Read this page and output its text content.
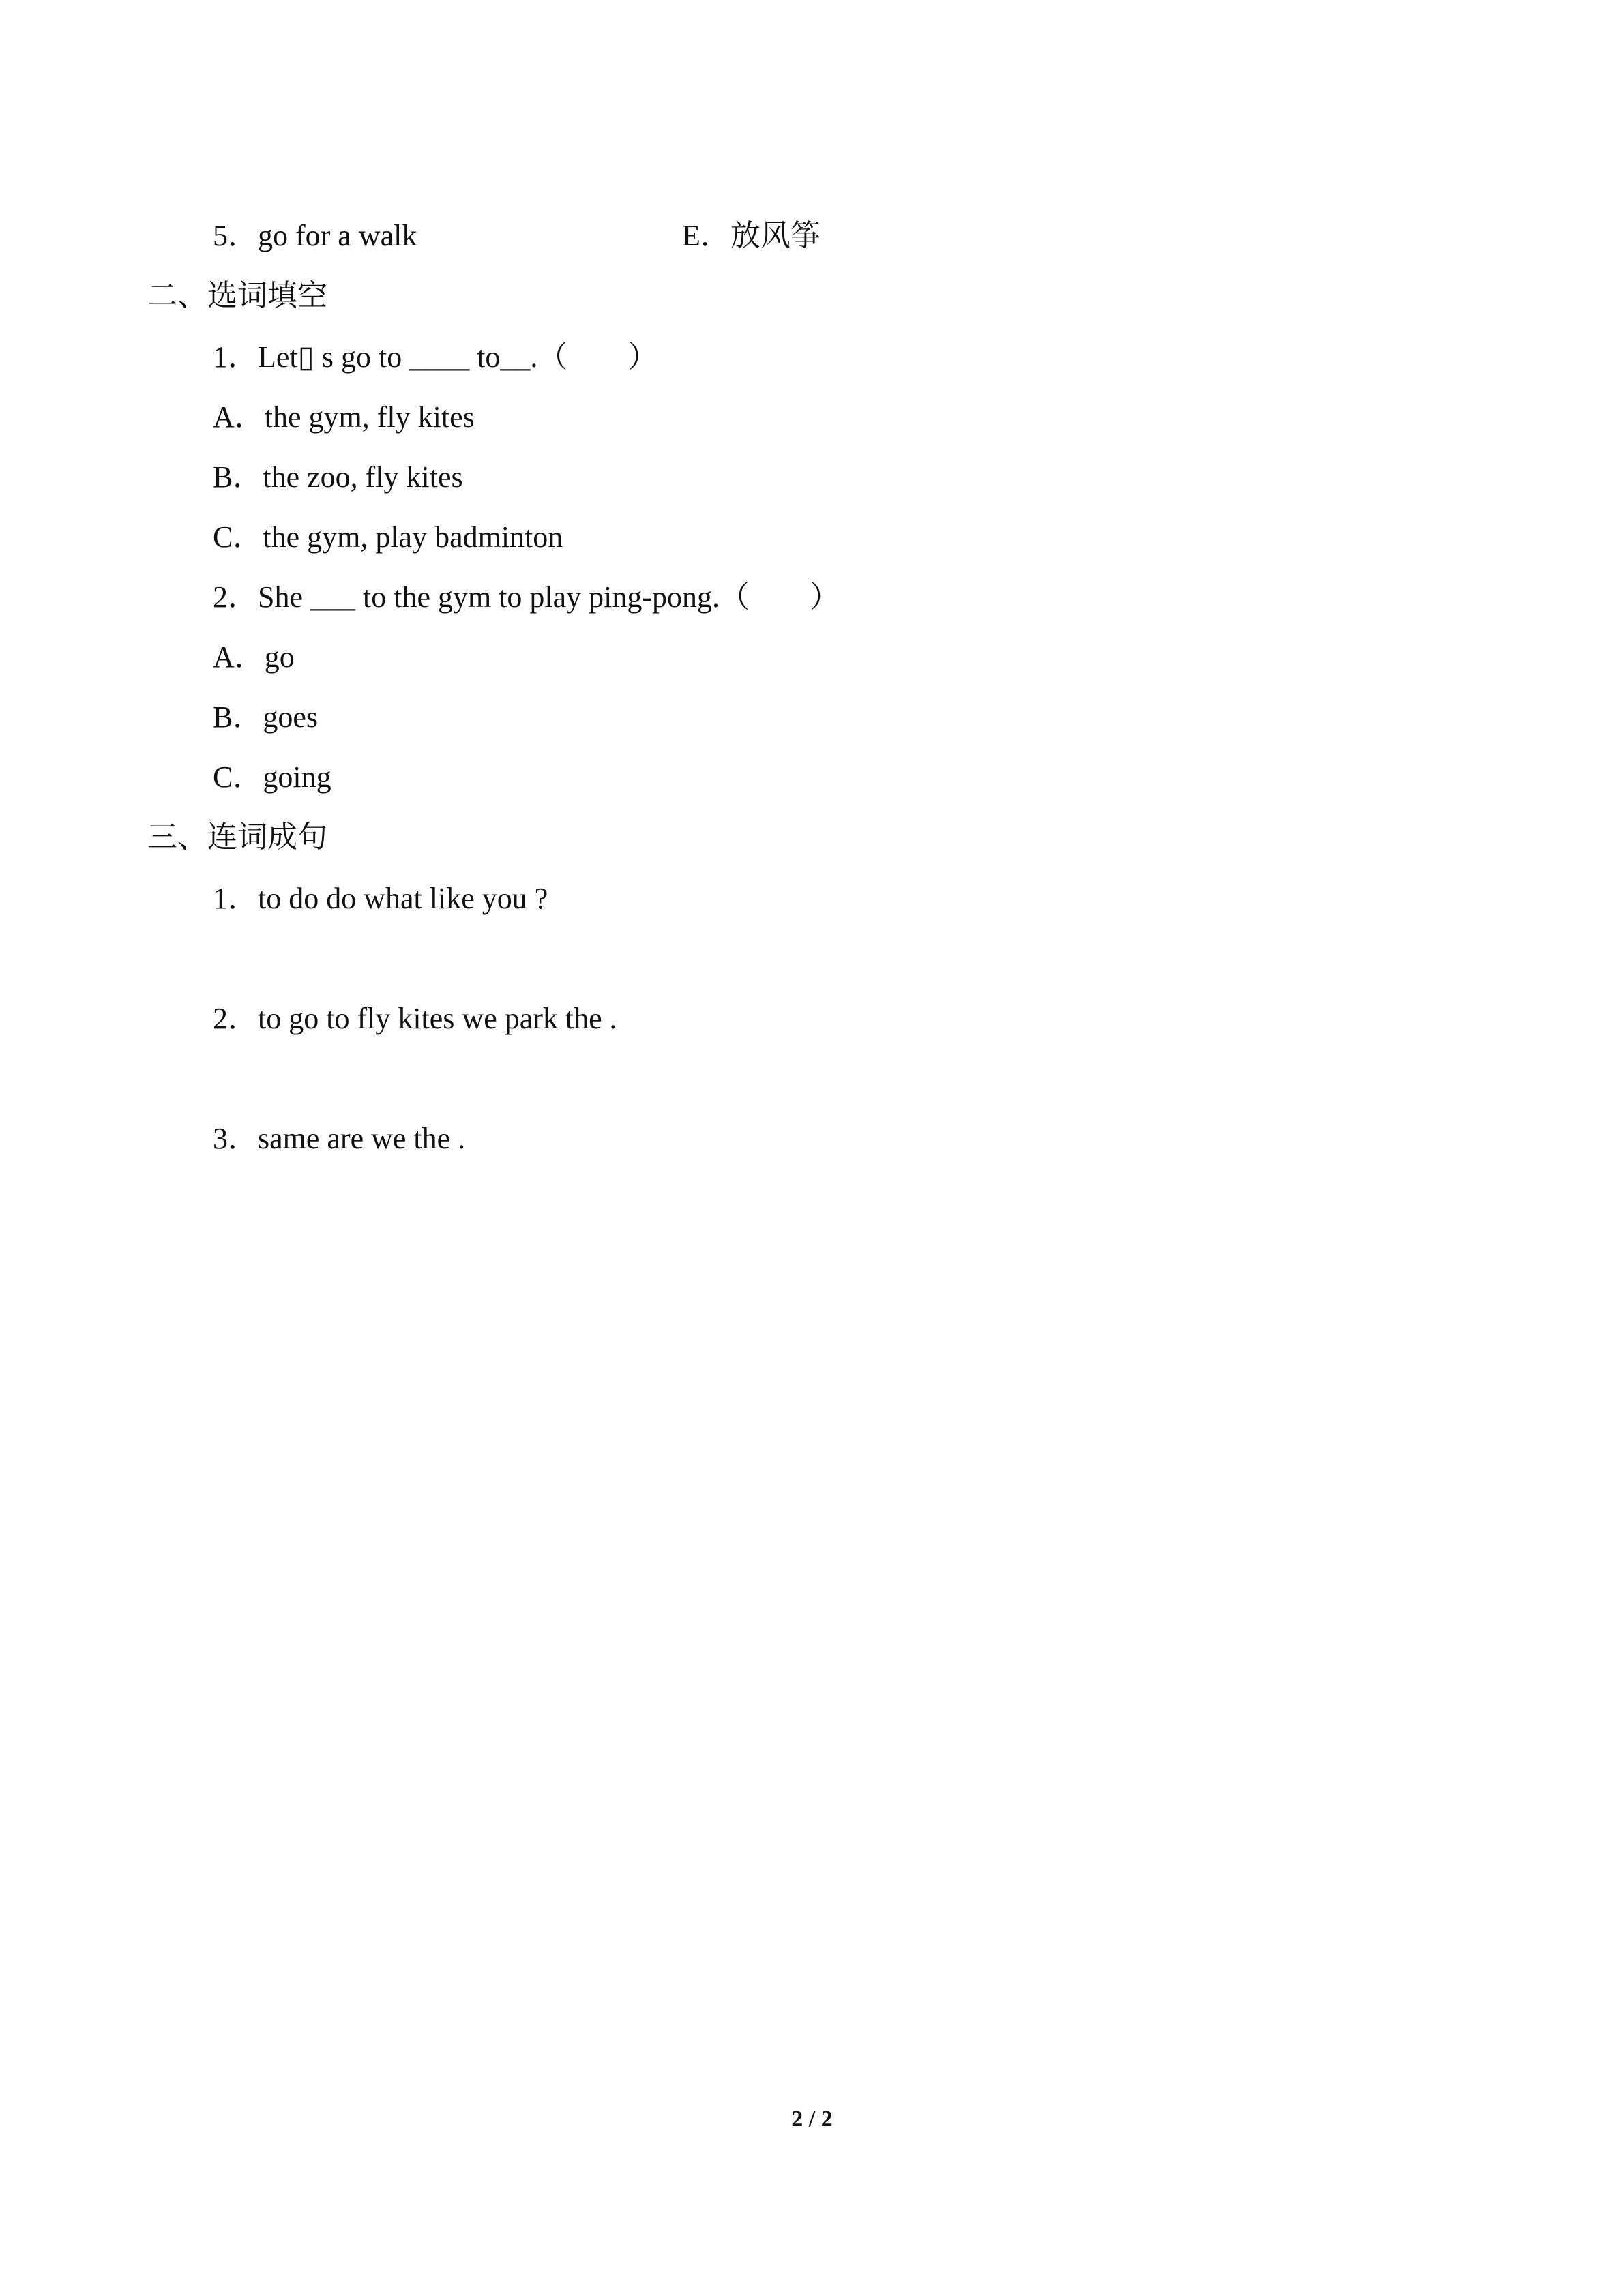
5．go for a walk	E．放风筝
二、选词填空
1．Let▯ s go to ____ to__.（　　）
A．the gym, fly kites
B．the zoo, fly kites
C．the gym, play badminton
2．She ___ to the gym to play ping-pong.（　　）
A．go
B．goes
C．going
三、连词成句
1．to do do what like you ?
2．to go to fly kites we park the .
3．same are we the .
2 / 2
